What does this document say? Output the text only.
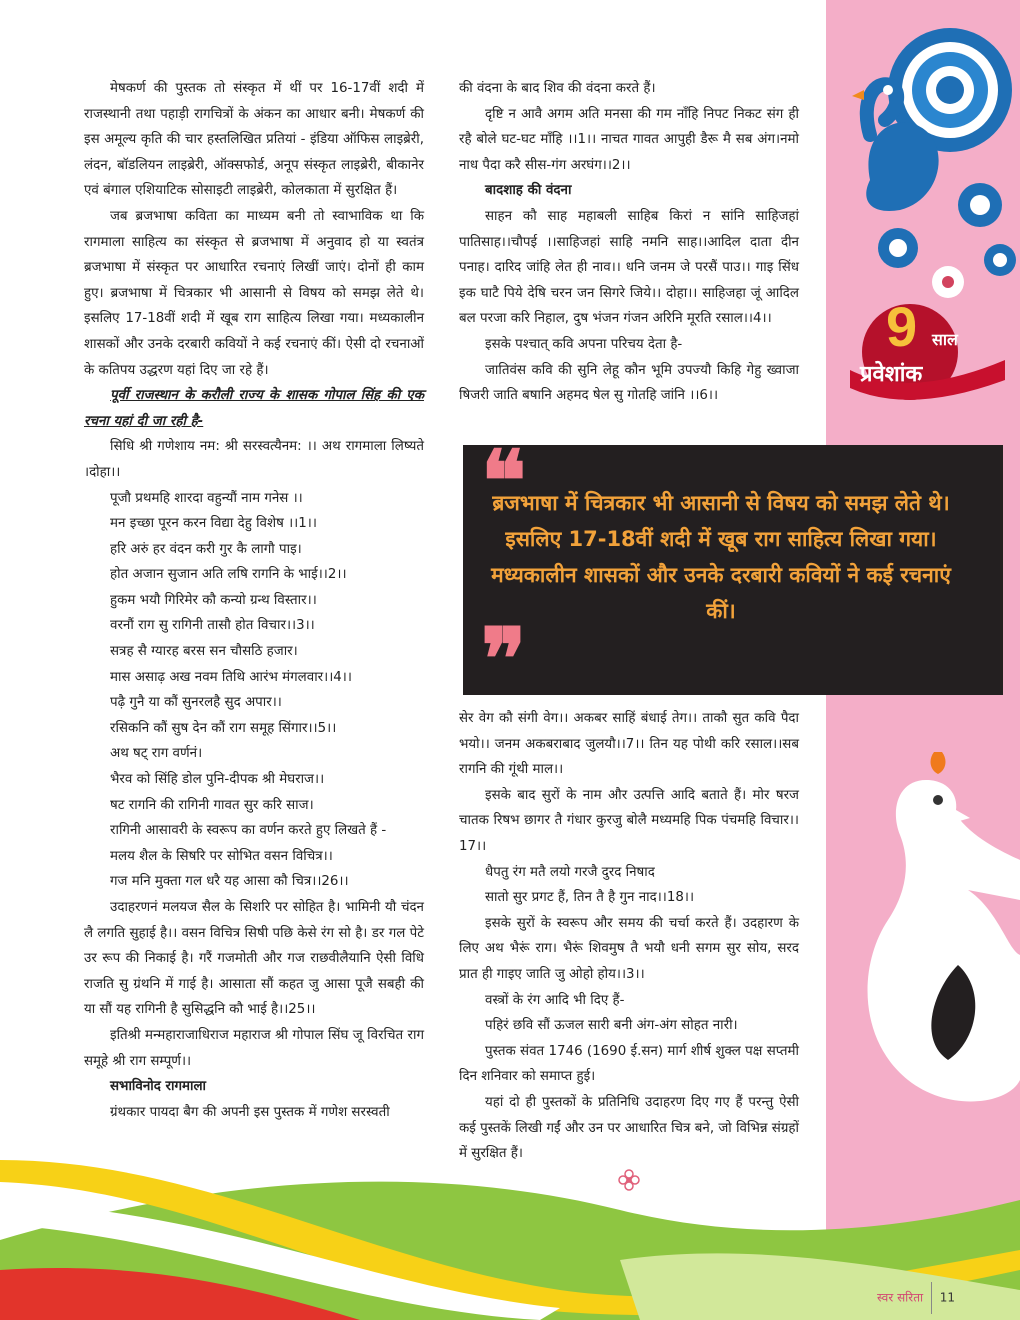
9 साल
प्रवेशांक

मेषकर्ण की पुस्तक तो संस्कृत में थीं पर 16-17वीं शदी में राजस्थानी तथा पहाड़ी रागचित्रों के अंकन का आधार बनी। मेषकर्ण की इस अमूल्य कृति की चार हस्तलिखित प्रतियां - इंडिया ऑफिस लाइब्रेरी, लंदन, बॉडलियन लाइब्रेरी, ऑक्सफोर्ड, अनूप संस्कृत लाइब्रेरी, बीकानेर एवं बंगाल एशियाटिक सोसाइटी लाइब्रेरी, कोलकाता में सुरक्षित हैं।

जब ब्रजभाषा कविता का माध्यम बनी तो स्वाभाविक था कि रागमाला साहित्य का संस्कृत से ब्रजभाषा में अनुवाद हो या स्वतंत्र ब्रजभाषा में संस्कृत पर आधारित रचनाएं लिखीं जाएं। दोनों ही काम हुए। ब्रजभाषा में चित्रकार भी आसानी से विषय को समझ लेते थे। इसलिए 17-18वीं शदी में खूब राग साहित्य लिखा गया। मध्यकालीन शासकों और उनके दरबारी कवियों ने कई रचनाएं कीं। ऐसी दो रचनाओं के कतिपय उद्धरण यहां दिए जा रहे हैं।

पूर्वी राजस्थान के करौली राज्य के शासक गोपाल सिंह की एक रचना यहां दी जा रही है-

सिधि श्री गणेशाय नम: श्री सरस्वत्यैनम: ।। अथ रागमाला लिष्यते ।दोहा।।

पूजौ प्रथमहि शारदा वहुन्यौं नाम गनेस ।।

मन इच्छा पूरन करन विद्या देहु विशेष ।।1।।

हरि अरुं हर वंदन करी गुर कै लागौ पाइ।

होत अजान सुजान अति लषि रागनि के भाई।।2।।

हुकम भयौ गिरिमेर कौ कन्यो ग्रन्थ विस्तार।।

वरनौं राग सु रागिनी तासौ होत विचार।।3।।

सत्रह सै ग्यारह बरस सन चौसठि हजार।

मास असाढ़ अख नवम तिथि आरंभ मंगलवार।।4।।

पढ़ै गुनै या कौं सुनरलहै सुद अपार।।

रसिकनि कौं सुष देन कौं राग समूह सिंगार।।5।।

अथ षट् राग वर्णनं।

भैरव को सिंहि डोल पुनि-दीपक श्री मेघराज।।

षट रागनि की रागिनी गावत सुर करि साज।

रागिनी आसावरी के स्वरूप का वर्णन करते हुए लिखते हैं -

मलय शैल के सिषरि पर सोभित वसन विचित्र।।

गज मनि मुक्ता गल धरै यह आसा कौ चित्र।।26।।

उदाहरणनं मलयज सैल के सिशरि पर सोहित है। भामिनी यौ चंदन लै लगति सुहाई है।। वसन विचित्र सिषी पछि केसे रंग सो है। डर गल पेटे उर रूप की निकाई है। गरैं गजमोती और गज राछवीलैयानि ऐसी विधि राजति सु ग्रंथनि में गाई है। आसाता सौं कहत जु आसा पूजै सबही की या सौं यह रागिनी है सुसिद्धनि कौ भाई है।।25।।

इतिश्री मन्महाराजाधिराज महाराज श्री गोपाल सिंघ जू विरचित राग समूहे श्री राग सम्पूर्ण।।

सभाविनोद रागमाला

ग्रंथकार पायदा बैग की अपनी इस पुस्तक में गणेश सरस्वती

की वंदना के बाद शिव की वंदना करते हैं।

दृष्टि न आवै अगम अति मनसा की गम नाँहि निपट निकट संग ही रहै बोले घट-घट माँहि ।।1।। नाचत गावत आपुही डैरू मै सब अंग।नमो नाध पैदा करै सीस-गंग अरघंग।।2।।

बादशाह की वंदना

साहन कौ साह महाबली साहिब किरां न सांनि साहिजहां पातिसाह।।चौपई ।।साहिजहां साहि नमनि साह।।आदिल दाता दीन पनाह। दारिद जांहि लेत ही नाव।। धनि जनम जे परसैं पाउ।। गाइ सिंध इक घाटै पिये देषि चरन जन सिगरे जिये।। दोहा।। साहिजहा जूं आदिल बल परजा करि निहाल, दुष भंजन गंजन अरिनि मूरति रसाल।।4।।

इसके पश्चात् कवि अपना परिचय देता है-

जातिवंस कवि की सुनि लेहू कौन भूमि उपज्यौ किहि गेहु ख्वाजा षिजरी जाति बषानि अहमद षेल सु गोतहि जांनि ।।6।।

❝
ब्रजभाषा में चित्रकार भी आसानी से विषय को समझ लेते थे। इसलिए 17-18वीं शदी में खूब राग साहित्य लिखा गया। मध्यकालीन शासकों और उनके दरबारी कवियों ने कई रचनाएं कीं।
❞

सेर वेग कौ संगी वेग।। अकबर साहिं बंधाई तेग।। ताकौ सुत कवि पैदा भयो।। जनम अकबराबाद जुलयौ।।7।। तिन यह पोथी करि रसाल।।सब रागनि की गूंथी माल।।

इसके बाद सुरों के नाम और उत्पत्ति आदि बताते हैं। मोर षरज चातक रिषभ छागर तै गंधार कुरजु बोलै मध्यमहि पिक पंचमहि विचार।।17।।

धैपतु रंग मतै लयो गरजै दुरद निषाद

सातो सुर प्रगट हैं, तिन तै है गुन नाद।।18।।

इसके सुरों के स्वरूप और समय की चर्चा करते हैं। उदहारण के लिए अथ भैरूं राग। भैरूं शिवमुष तै भयौ धनी सगम सुर सोय, सरद प्रात ही गाइए जाति जु ओहो होय।।3।।

वस्त्रों के रंग आदि भी दिए हैं-

पहिरं छवि सौं ऊजल सारी बनी अंग-अंग सोहत नारी।

पुस्तक संवत 1746 (1690 ई.सन) मार्ग शीर्ष शुक्ल पक्ष सप्तमी दिन शनिवार को समाप्त हुई।

यहां दो ही पुस्तकों के प्रतिनिधि उदाहरण दिए गए हैं परन्तु ऐसी कई पुस्तकें लिखी गईं और उन पर आधारित चित्र बने, जो विभिन्न संग्रहों में सुरक्षित हैं।

स्वर सरिता 11
